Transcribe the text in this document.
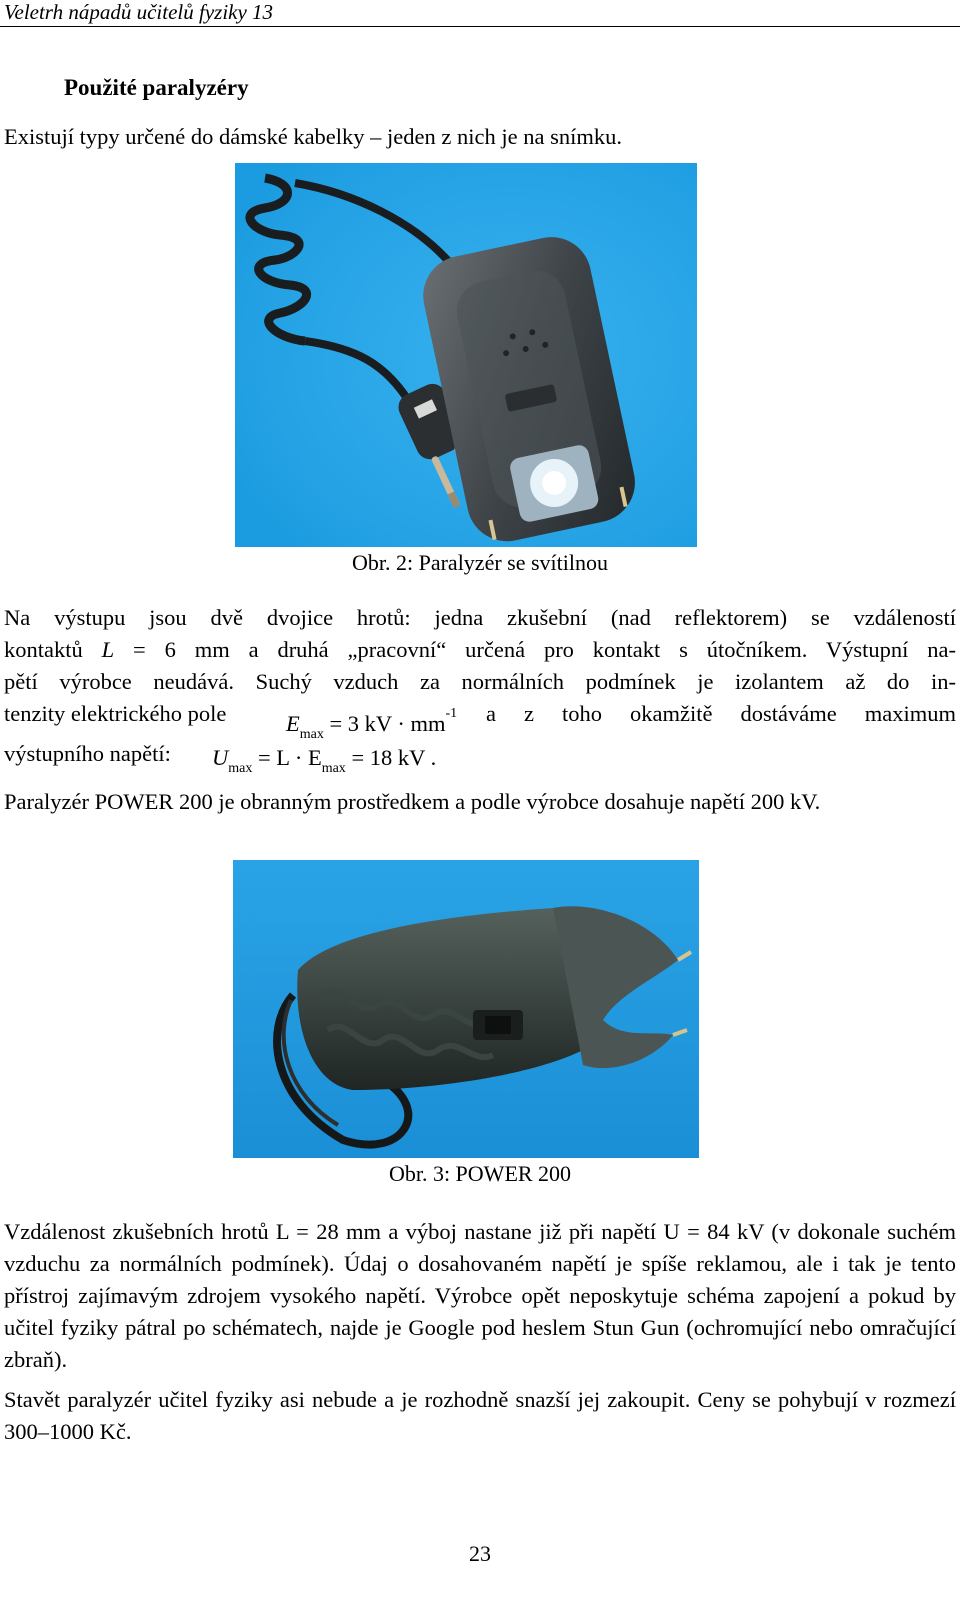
Veletrh nápadů učitelů fyziky 13
Použité paralyzéry
Existují typy určené do dámské kabelky – jeden z nich je na snímku.
Obr. 2: Paralyzér se svítilnou
Na výstupu jsou dvě dvojice hrotů: jedna zkušební (nad reflektorem) se vzdáleností
kontaktů L = 6 mm a druhá „pracovní“ určená pro kontakt s útočníkem. Výstupní na-
pětí výrobce neudává. Suchý vzduch za normálních podmínek je izolantem až do in-
tenzity elektrického pole	$E_{max} = 3$ kV · $mm^{-1}$ a z toho okamžitě dostáváme maximum
výstupního napětí: $U_{max} = L \cdot E_{max} = 18$ kV .
Paralyzér POWER 200 je obranným prostředkem a podle výrobce dosahuje napětí 200 kV.
Obr. 3: POWER 200
Vzdálenost zkušebních hrotů L = 28 mm a výboj nastane již při napětí U = 84 kV (v dokonale suchém vzduchu za normálních podmínek). Údaj o dosahovaném napětí je spíše reklamou, ale i tak je tento přístroj zajímavým zdrojem vysokého napětí. Výrobce opět neposkytuje schéma zapojení a pokud by učitel fyziky pátral po schématech, najde je Google pod heslem Stun Gun (ochromující nebo omračující zbraň).
Stavět paralyzér učitel fyziky asi nebude a je rozhodně snazší jej zakoupit. Ceny se pohybují v rozmezí 300–1000 Kč.
23
